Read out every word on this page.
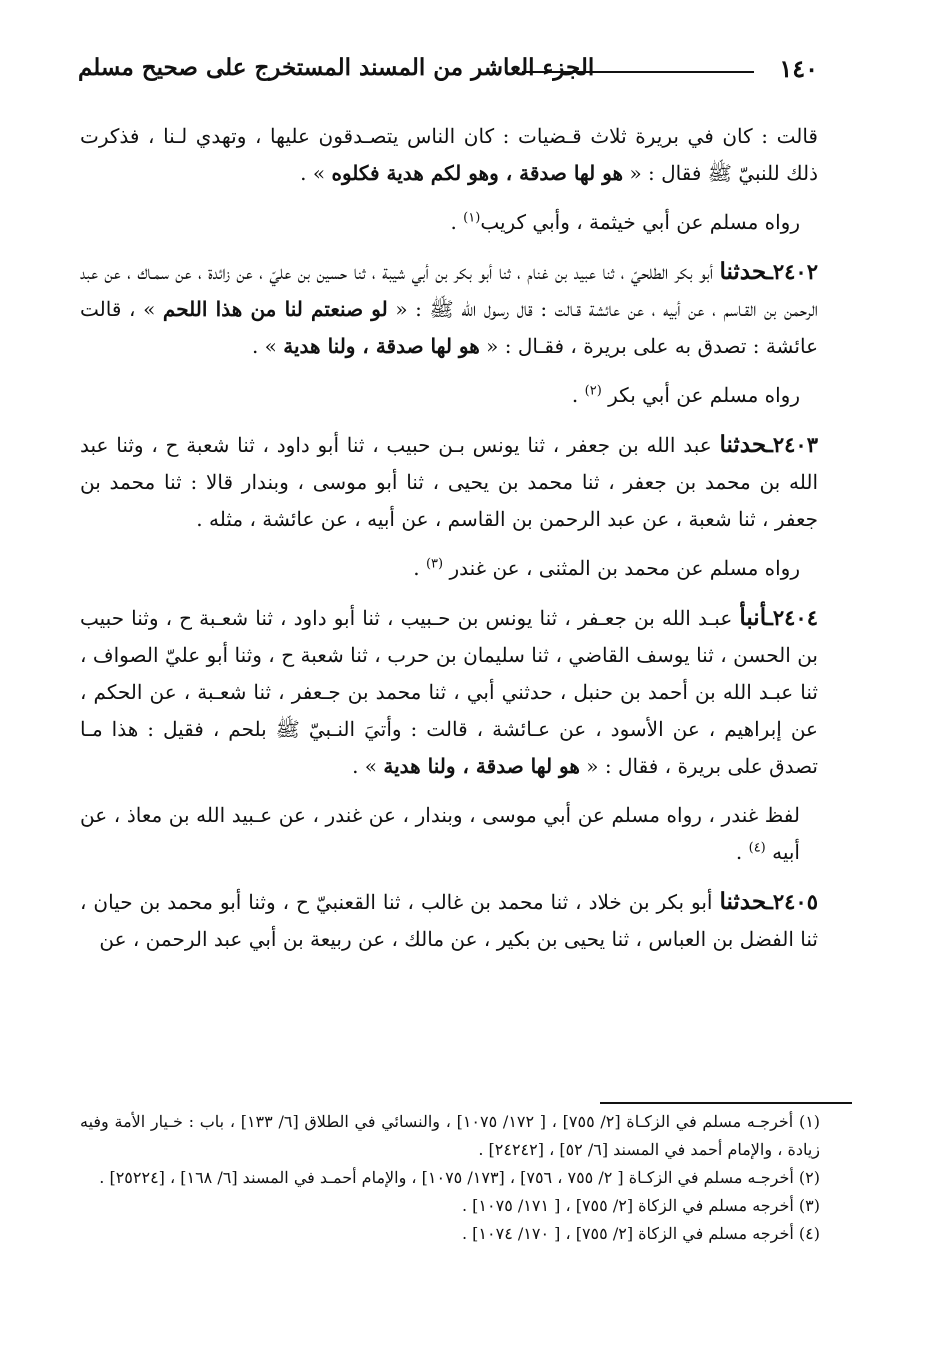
١٤٠
الجزء العاشر من المسند المستخرج على صحيح مسلم

قالت : كان في بريرة ثلاث قـضيات : كان الناس يتصـدقون عليها ، وتهدي لـنا ، فذكرت ذلك للنبيّ ﷺ فقال : « هو لها صدقة ، وهو لكم هدية فكلوه » .

رواه مسلم عن أبي خيثمة ، وأبي كريب$^{(١)}$ .

٢٤٠٢ـحدثنا أبو بكر الطلحيّ ، ثنا عبيد بن غنام ، ثنا أبو بكر بن أبي شيبة ، ثنا حسين بن عليّ ، عن زائدة ، عن سمـاك ، عن عبد الرحمن بن القـاسم ، عن أبيه ، عن عائشة قـالت : قال رسول الله ﷺ : « لو صنعتم لنا من هذا اللحم » ، قالت عائشة : تصدق به على بريرة ، فقـال : « هو لها صدقة ، ولنا هدية » .

رواه مسلم عن أبي بكر $^{(٢)}$ .

٢٤٠٣ـحدثنا عبد الله بن جعفر ، ثنا يونس بـن حبيب ، ثنا أبو داود ، ثنا شعبة ح ، وثنا عبد الله بن محمد بن جعفر ، ثنا محمد بن يحيى ، ثنا أبو موسى ، وبندار قالا : ثنا محمد بن جعفر ، ثنا شعبة ، عن عبد الرحمن بن القاسم ، عن أبيه ، عن عائشة ، مثله .

رواه مسلم عن محمد بن المثنى ، عن غندر $^{(٣)}$ .

٢٤٠٤ـأنبأ عبـد الله بن جعـفر ، ثنا يونس بن حـبيب ، ثنا أبو داود ، ثنا شعـبة ح ، وثنا حبيب بن الحسن ، ثنا يوسف القاضي ، ثنا سليمان بن حرب ، ثنا شعبة ح ، وثنا أبو عليّ الصواف ، ثنا عبـد الله بن أحمد بن حنبل ، حدثني أبي ، ثنا محمد بن جـعفر ، ثنا شعـبة ، عن الحكم ، عن إبراهيم ، عن الأسود ، عن عـائشة ، قالت : وأتيَ النـبيّ ﷺ بلحم ، فقيل : هذا مـا تصدق على بريرة ، فقال : « هو لها صدقة ، ولنا هدية » .

لفظ غندر ، رواه مسلم عن أبي موسى ، وبندار ، عن غندر ، عن عـبيد الله بن معاذ ، عن أبيه $^{(٤)}$ .

٢٤٠٥ـحدثنا أبو بكر بن خلاد ، ثنا محمد بن غالب ، ثنا القعنبيّ ح ، وثنا أبو محمد بن حيان ، ثنا الفضل بن العباس ، ثنا يحيى بن بكير ، عن مالك ، عن ربيعة بن أبي عبد الرحمن ، عن

(١) أخرجـه مسلم في الزكـاة [٢/ ٧٥٥] ، [ ١٧٢/ ١٠٧٥] ، والنسائي في الطلاق [٦/ ١٣٣] ، باب : خـيار الأمة وفيه زيادة ، والإمام أحمد في المسند [٦/ ٥٢] ، [٢٤٢٤٢] .

(٢) أخرجـه مسلم في الزكـاة [ ٢/ ٧٥٥ ، ٧٥٦] ، [١٧٣/ ١٠٧٥] ، والإمام أحمـد في المسند [٦/ ١٦٨] ، [٢٥٢٢٤] .

(٣) أخرجه مسلم في الزكاة [٢/ ٧٥٥] ، [ ١٧١/ ١٠٧٥] .

(٤) أخرجه مسلم في الزكاة [٢/ ٧٥٥] ، [ ١٧٠/ ١٠٧٤] .
